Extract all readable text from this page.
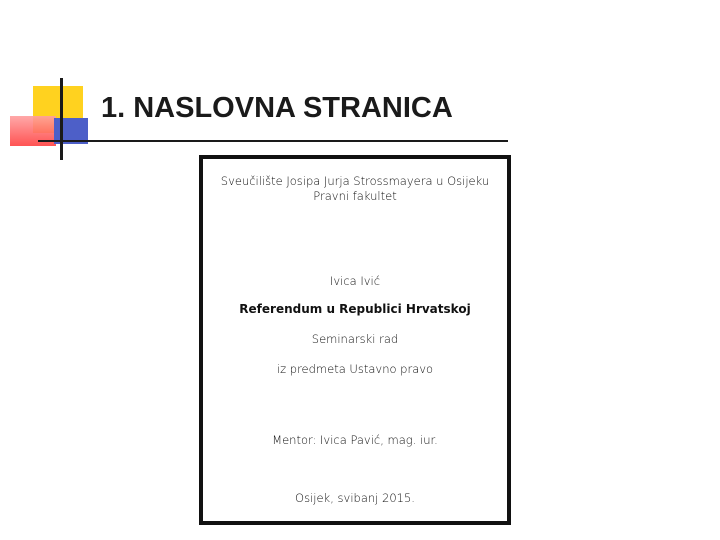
1. NASLOVNA STRANICA
Sveučilište Josipa Jurja Strossmayera u Osijeku
Pravni fakultet
Ivica Ivić
Referendum u Republici Hrvatskoj
Seminarski rad
iz predmeta Ustavno pravo
Mentor: Ivica Pavić, mag. iur.
Osijek, svibanj 2015.
